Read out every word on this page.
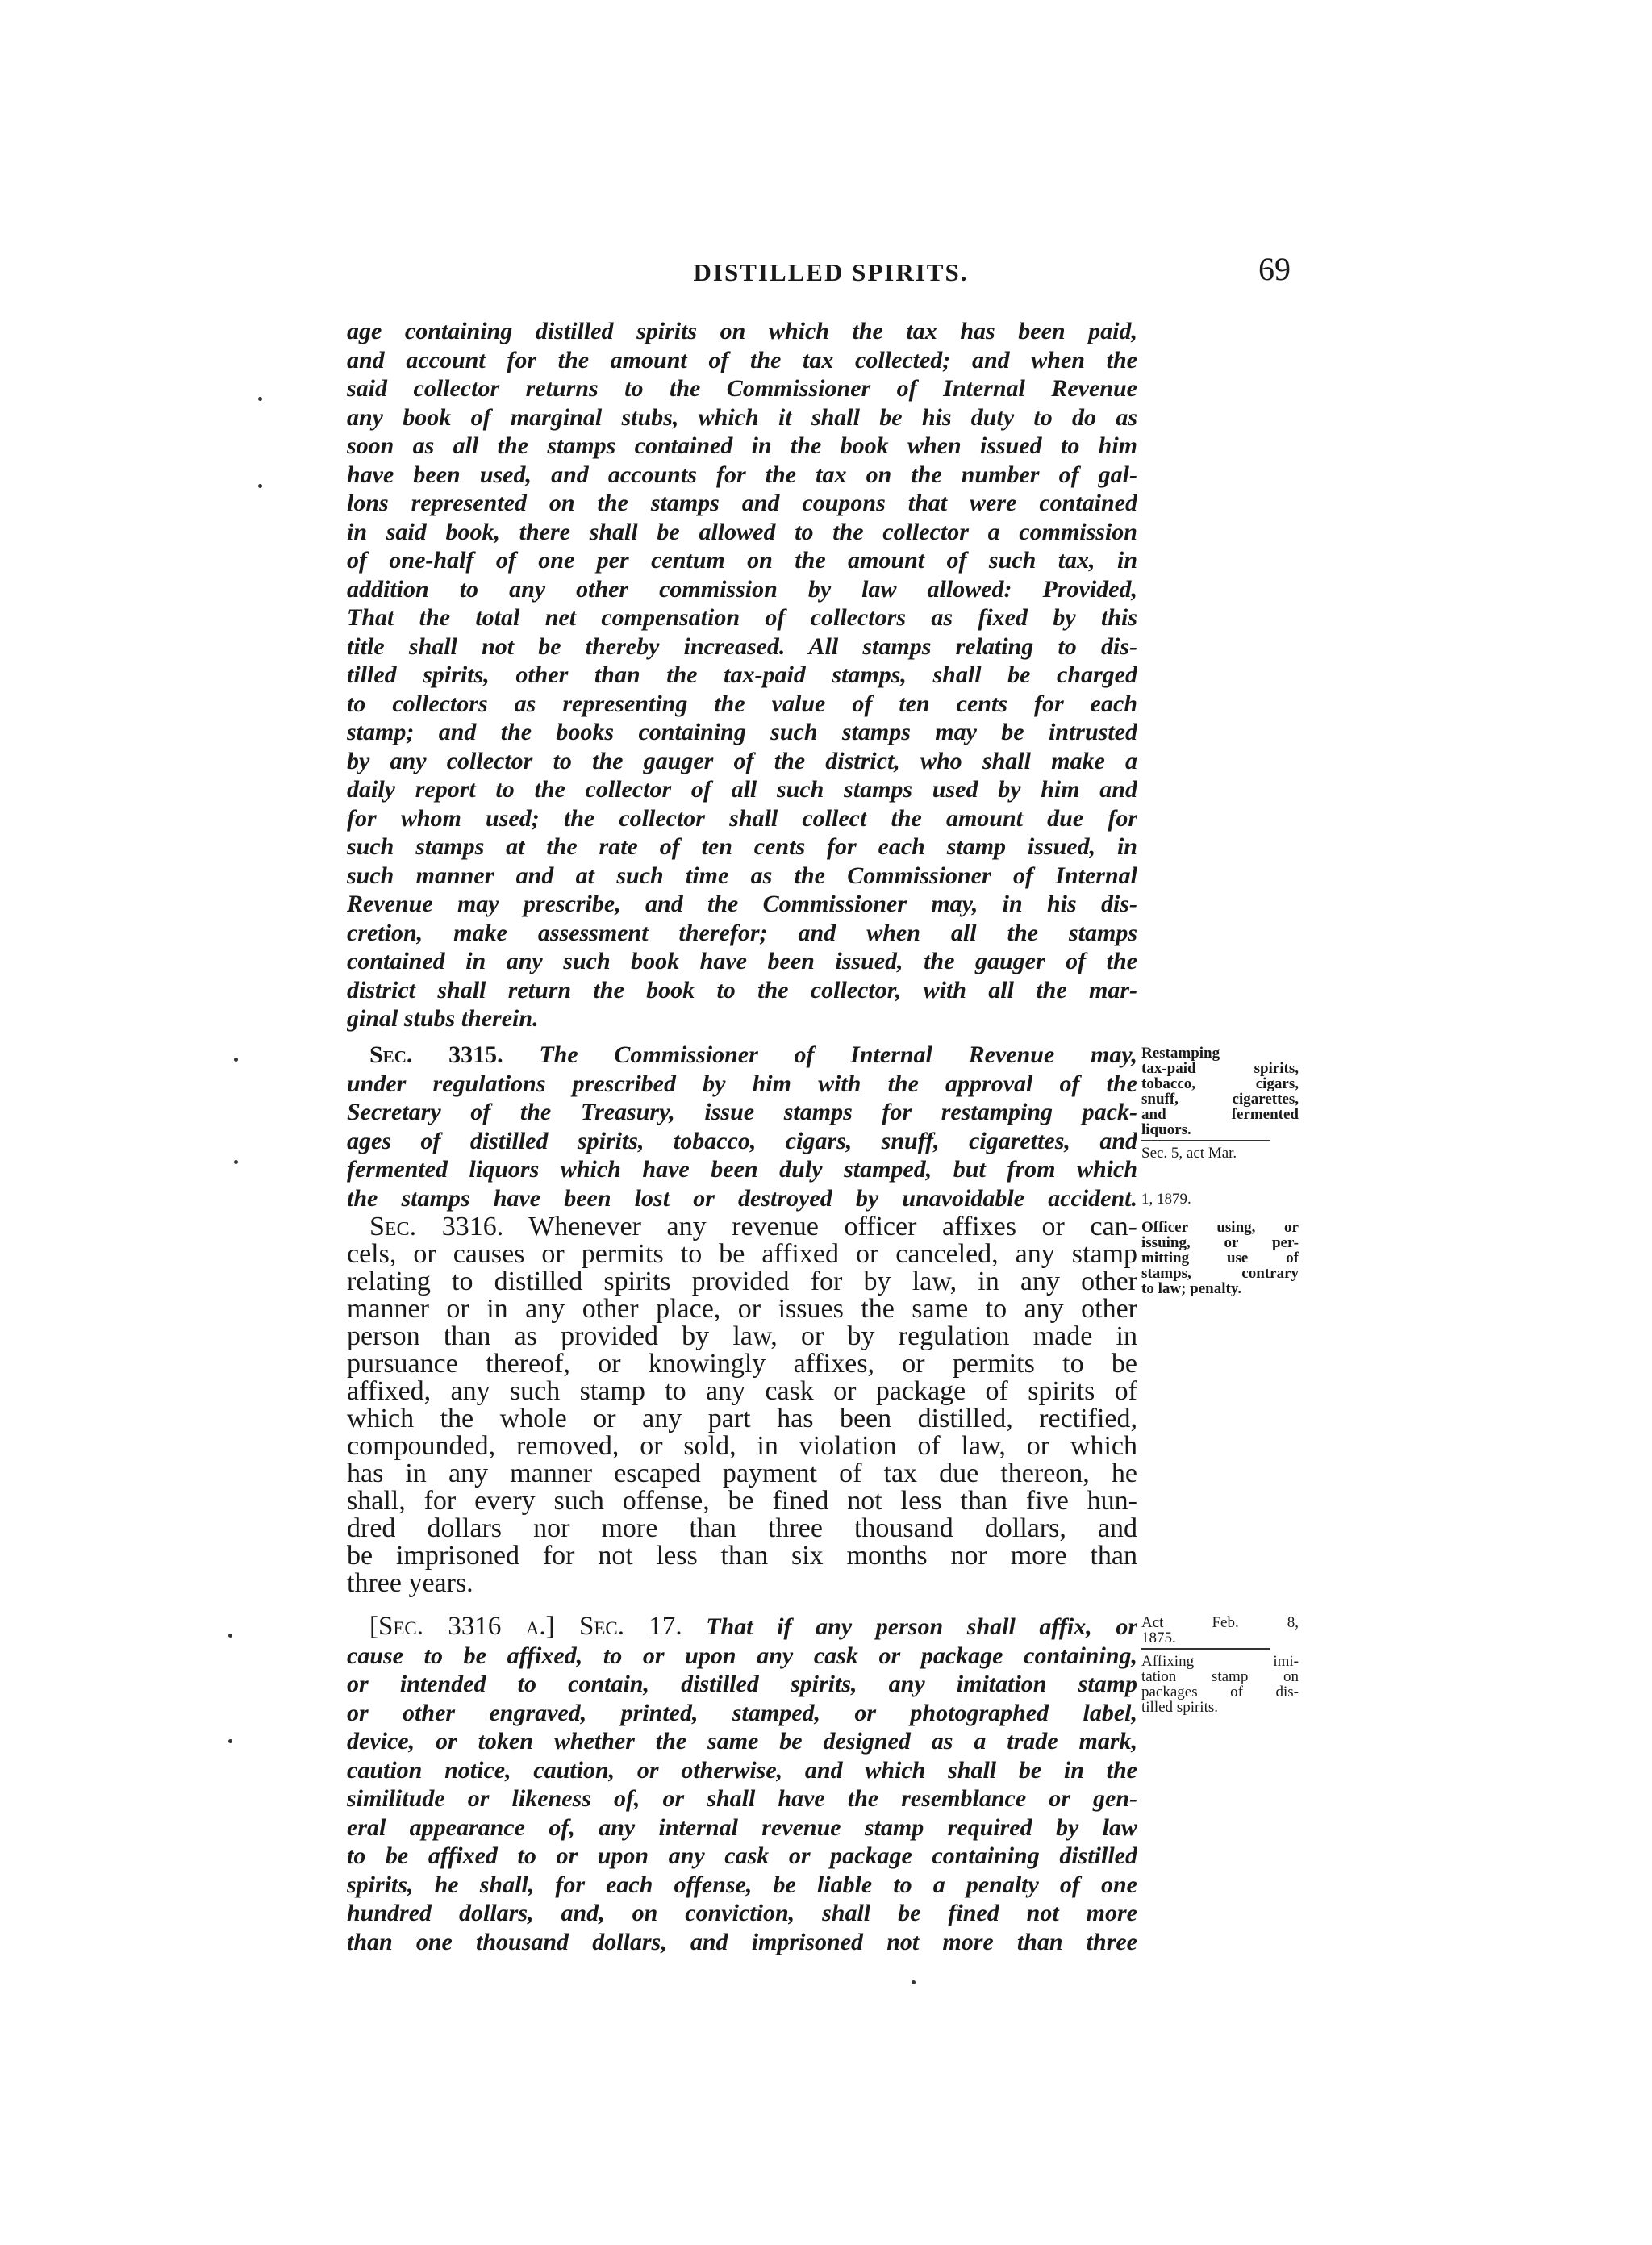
DISTILLED SPIRITS.	69
age containing distilled spirits on which the tax has been paid,
and account for the amount of the tax collected; and when the
said collector returns to the Commissioner of Internal Revenue
any book of marginal stubs, which it shall be his duty to do as
soon as all the stamps contained in the book when issued to him
have been used, and accounts for the tax on the number of gal-
lons represented on the stamps and coupons that were contained
in said book, there shall be allowed to the collector a commission
of one-half of one per centum on the amount of such tax, in
addition to any other commission by law allowed: Provided,
That the total net compensation of collectors as fixed by this
title shall not be thereby increased. All stamps relating to dis-
tilled spirits, other than the tax-paid stamps, shall be charged
to collectors as representing the value of ten cents for each
stamp; and the books containing such stamps may be intrusted
by any collector to the gauger of the district, who shall make a
daily report to the collector of all such stamps used by him and
for whom used; the collector shall collect the amount due for
such stamps at the rate of ten cents for each stamp issued, in
such manner and at such time as the Commissioner of Internal
Revenue may prescribe, and the Commissioner may, in his dis-
cretion, make assessment therefor; and when all the stamps
contained in any such book have been issued, the gauger of the
district shall return the book to the collector, with all the mar-
ginal stubs therein.
Sec. 3315. The Commissioner of Internal Revenue may,
under regulations prescribed by him with the approval of the
Secretary of the Treasury, issue stamps for restamping pack-
ages of distilled spirits, tobacco, cigars, snuff, cigarettes, and
fermented liquors which have been duly stamped, but from which
the stamps have been lost or destroyed by unavoidable accident.
Sec. 3316. Whenever any revenue officer affixes or can-
cels, or causes or permits to be affixed or canceled, any stamp
relating to distilled spirits provided for by law, in any other
manner or in any other place, or issues the same to any other
person than as provided by law, or by regulation made in
pursuance thereof, or knowingly affixes, or permits to be
affixed, any such stamp to any cask or package of spirits of
which the whole or any part has been distilled, rectified,
compounded, removed, or sold, in violation of law, or which
has in any manner escaped payment of tax due thereon, he
shall, for every such offense, be fined not less than five hun-
dred dollars nor more than three thousand dollars, and
be imprisoned for not less than six months nor more than
three years.
[Sec. 3316 a.] Sec. 17. That if any person shall affix, or
cause to be affixed, to or upon any cask or package containing,
or intended to contain, distilled spirits, any imitation stamp
or other engraved, printed, stamped, or photographed label,
device, or token whether the same be designed as a trade mark,
caution notice, caution, or otherwise, and which shall be in the
similitude or likeness of, or shall have the resemblance or gen-
eral appearance of, any internal revenue stamp required by law
to be affixed to or upon any cask or package containing distilled
spirits, he shall, for each offense, be liable to a penalty of one
hundred dollars, and, on conviction, shall be fined not more
than one thousand dollars, and imprisoned not more than three
Restamping
tax-paid spirits,
tobacco, cigars,
snuff, cigarettes,
and fermented
liquors.
Sec. 5, act Mar.
1, 1879.
Officer using, or
issuing, or per-
mitting use of
stamps, contrary
to law; penalty.
Act Feb. 8,
1875.
Affixing imi-
tation stamp on
packages of dis-
tilled spirits.
